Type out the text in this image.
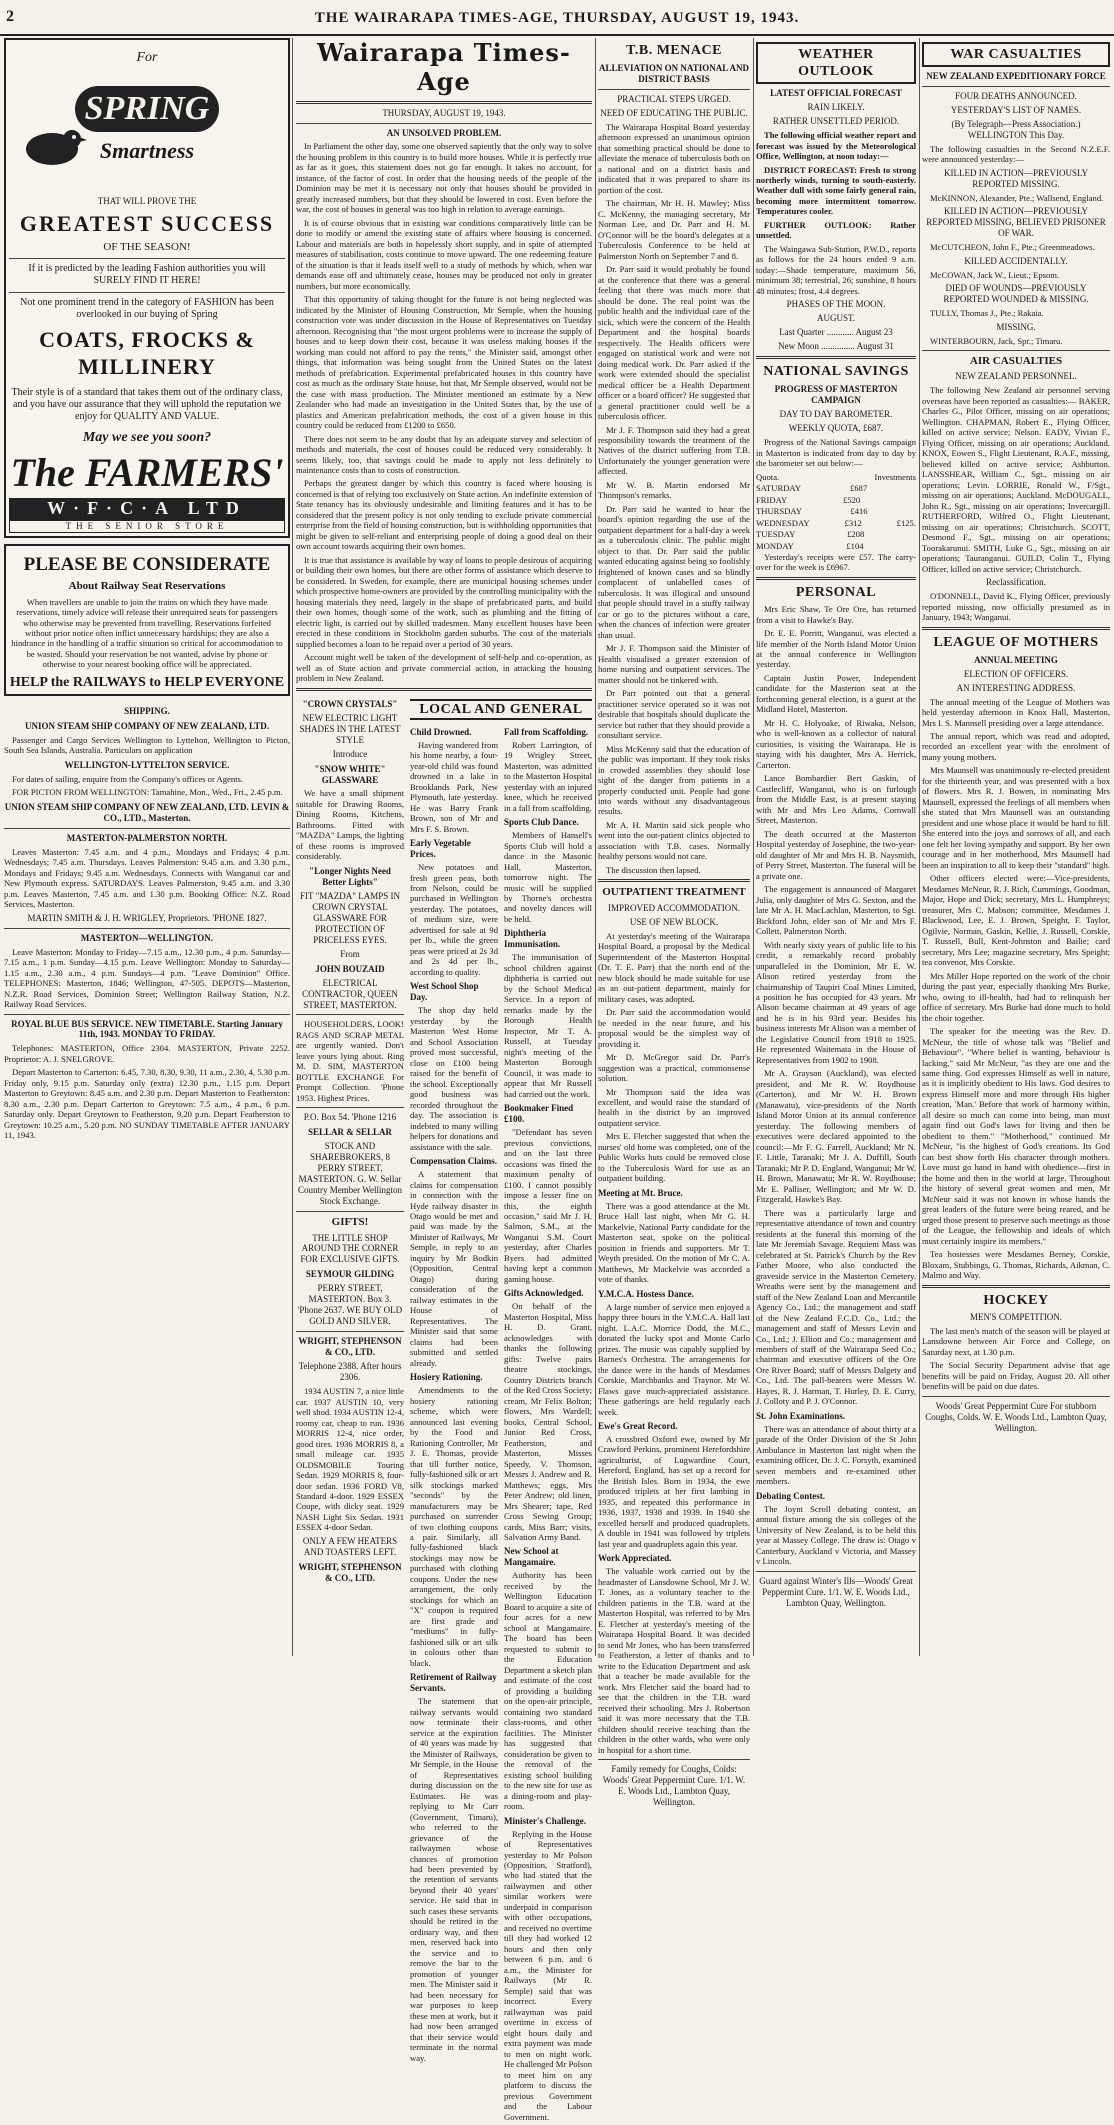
2	THE WAIRARAPA TIMES-AGE, THURSDAY, AUGUST 19, 1943.
For
SPRING
Smartness
THAT WILL PROVE THE
GREATEST SUCCESS
OF THE SEASON!
If it is predicted by the leading Fashion authorities you will SURELY FIND IT HERE!
Not one prominent trend in the category of FASHION has been overlooked in our buying of Spring
COATS, FROCKS & MILLINERY
Their style is of a standard that takes them out of the ordinary class, and you have our assurance that they will uphold the reputation we enjoy for QUALITY AND VALUE.
May we see you soon?
The FARMERS'
W·F·C·A LTD
THE SENIOR STORE
PLEASE BE CONSIDERATE
About Railway Seat Reservations

When travellers are unable to join the trains on which they have made reservations, timely advice will release their unrequired seats for passengers who otherwise may be prevented from travelling. Reservations forfeited without prior notice often inflict unnecessary hardships; they are also a hindrance in the handling of a traffic situation so critical for accommodation to be wasted. Should your reservation be not wanted, advise by phone or otherwise to your nearest booking office will be appreciated.

HELP the RAILWAYS to HELP EVERYONE
SHIPPING.
UNION STEAM SHIP COMPANY OF NEW ZEALAND, LTD.

Passenger and Cargo Services Wellington to Lyttelton, Wellington to Picton, South Sea Islands, Australia. Particulars on application

WELLINGTON-LYTTELTON SERVICE.

For dates of sailing, enquire from the Company's offices or Agents.

FOR PICTON FROM WELLINGTON: Tamahine, Mon., Wed., Fri., 2.45 p.m.

UNION STEAM SHIP COMPANY OF NEW ZEALAND, LTD. LEVIN & CO., LTD., Masterton.
MASTERTON-PALMERSTON NORTH.

Leaves Masterton: 7.45 a.m. and 4 p.m., Mondays and Fridays; 4 p.m. Wednesdays; 7.45 a.m. Thursdays. Leaves Palmerston: 9.45 a.m. and 3.30 p.m., Mondays and Fridays; 9.45 a.m. Wednesdays. Connects with Wanganui car and New Plymouth express. SATURDAYS. Leaves Palmerston, 9.45 a.m. and 3.30 p.m. Leaves Masterton, 7.45 a.m. and 1.30 p.m. Booking Office: N.Z. Road Services, Masterton.

MARTIN SMITH & J. H. WRIGLEY, Proprietors. 'PHONE 1827.
MASTERTON—WELLINGTON.

Leave Masterton: Monday to Friday—7.15 a.m., 12.30 p.m., 4 p.m. Saturday—7.15 a.m., 1 p.m. Sunday—4.15 p.m. Leave Wellington: Monday to Saturday—1.15 a.m., 2.30 a.m., 4 p.m. Sundays—4 p.m. "Leave Dominion" Office. TELEPHONES: Masterton, 1846; Wellington, 47-505. DEPOTS—Masterton, N.Z.R. Road Services, Dominion Street; Wellington Railway Station, N.Z. Railway Road Services.

ROYAL BLUE BUS SERVICE. NEW TIMETABLE. Starting January 11th, 1943. MONDAY TO FRIDAY.

Telephones: MASTERTON, Office 2304. MASTERTON, Private 2252. Proprietor: A. J. SNELGROVE.

Depart Masterton to Carterton: 6.45, 7.30, 8.30, 9.30, 11 a.m., 2.30, 4, 5.30 p.m. Friday only, 9.15 p.m. Saturday only (extra) 12.30 p.m., 1.15 p.m. Depart Masterton to Greytown: 8.45 a.m. and 2.30 p.m. Depart Masterton to Featherston: 8.30 a.m., 2.30 p.m. Depart Carterton to Greytown: 7.5 a.m., 4 p.m., 6 p.m. Saturday only. Depart Greytown to Featherston, 9.20 p.m. Depart Featherston to Greytown: 10.25 a.m., 5.20 p.m. NO SUNDAY TIMETABLE AFTER JANUARY 11, 1943.

Wairarapa Times-Age
THURSDAY, AUGUST 19, 1943.
AN UNSOLVED PROBLEM.

In Parliament the other day, some one observed sapiently that the only way to solve the housing problem in this country is to build more houses. While it is perfectly true as far as it goes, this statement does not go far enough. It takes no account, for instance, of the factor of cost. In order that the housing needs of the people of the Dominion may be met it is necessary not only that houses should be provided in greatly increased numbers, but that they should be lowered in cost. Even before the war, the cost of houses in general was too high in relation to average earnings.

It is of course obvious that in existing war conditions comparatively little can be done to modify or amend the existing state of affairs where housing is concerned. Labour and materials are both in hopelessly short supply, and in spite of attempted measures of stabilisation, costs continue to move upward. The one redeeming feature of the situation is that it leads itself well to a study of methods by which, when war demands ease off and ultimately cease, houses may be produced not only in greater numbers, but more economically.

That this opportunity of taking thought for the future is not being neglected was indicated by the Minister of Housing Construction, Mr Semple, when the housing construction vote was under discussion in the House of Representatives on Tuesday afternoon. Recognising that "the most urgent problems were to increase the supply of houses and to keep down their cost, because it was useless making houses if the working man could not afford to pay the rents," the Minister said, amongst other things, that information was being sought from the United States on the latest methods of prefabrication. Experimental prefabricated houses in this country have cost as much as the ordinary State house, but that, Mr Semple observed, would not be the case with mass production. The Minister mentioned an estimate by a New Zealander who had made an investigation in the United States that, by the use of plastics and American prefabrication methods, the cost of a given house in this country could be reduced from £1200 to £650.

There does not seem to be any doubt that by an adequate survey and selection of methods and materials, the cost of houses could be reduced very considerably. It seems likely, too, that savings could be made to apply not less definitely to maintenance costs than to costs of construction.

Perhaps the greatest danger by which this country is faced where housing is concerned is that of relying too exclusively on State action. An indefinite extension of State tenancy has its obviously undesirable and limiting features and it has to be considered that the present policy is not only tending to exclude private commercial enterprise from the field of housing construction, but is withholding opportunities that might be given to self-reliant and enterprising people of doing a good deal on their own account towards acquiring their own homes.

It is true that assistance is available by way of loans to people desirous of acquiring or building their own homes, but there are other forms of assistance which deserve to be considered. In Sweden, for example, there are municipal housing schemes under which prospective home-owners are provided by the controlling municipality with the housing materials they need, largely in the shape of prefabricated parts, and build their own homes, though some of the work, such as plumbing and the fitting of electric light, is carried out by skilled tradesmen. Many excellent houses have been erected in these conditions in Stockholm garden suburbs. The cost of the materials supplied becomes a loan to be repaid over a period of 30 years.

Account might well be taken of the development of self-help and co-operation, as well as of State action and private commercial action, in attacking the housing problem in New Zealand.

"CROWN CRYSTALS"
NEW ELECTRIC LIGHT SHADES IN THE LATEST STYLE
Introduce
"SNOW WHITE" GLASSWARE

We have a small shipment suitable for Drawing Rooms, Dining Rooms, Kitchens, Bathrooms. Fitted with "MAZDA" Lamps, the lighting of these rooms is improved considerably.

"Longer Nights Need Better Lights"
FIT "MAZDA" LAMPS IN CROWN CRYSTAL GLASSWARE FOR PROTECTION OF PRICELESS EYES.
From
JOHN BOUZAID
ELECTRICAL CONTRACTOR, QUEEN STREET, MASTERTON.

HOUSEHOLDERS, LOOK! RAGS AND SCRAP METAL are urgently wanted. Don't leave yours lying about. Ring M. D. SIM, MASTERTON BOTTLE EXCHANGE For Prompt Collection. 'Phone 1953. Highest Prices.

P.O. Box 54. 'Phone 1216
SELLAR & SELLAR
STOCK AND SHAREBROKERS, 8 PERRY STREET, MASTERTON. G. W. Sellar Country Member Wellington Stock Exchange.
GIFTS!
THE LITTLE SHOP AROUND THE CORNER FOR EXCLUSIVE GIFTS.
SEYMOUR GILDING
PERRY STREET, MASTERTON. Box 3. 'Phone 2637. WE BUY OLD GOLD AND SILVER.
WRIGHT, STEPHENSON & CO., LTD.
Telephone 2388. After hours 2306.

1934 AUSTIN 7, a nice little car. 1937 AUSTIN 10, very well shod. 1934 AUSTIN 12-4, roomy car, cheap to run. 1936 MORRIS 12-4, nice order, good tires. 1936 MORRIS 8, a small mileage car. 1935 OLDSMOBILE Touring Sedan. 1929 MORRIS 8, four-door sedan. 1936 FORD V8, Standard 4-door. 1929 ESSEX Coupe, with dicky seat. 1929 NASH Light Six Sedan. 1931 ESSEX 4-door Sedan.

ONLY A FEW HEATERS AND TOASTERS LEFT.
WRIGHT, STEPHENSON & CO., LTD.
LOCAL AND GENERAL
Child Drowned.

Having wandered from his home nearby, a four-year-old child was found drowned in a lake in Brooklands Park, New Plymouth, late yesterday. He was Barry Frank Brown, son of Mr and Mrs F. S. Brown.

Early Vegetable Prices.

New potatoes and fresh green peas, both from Nelson, could be purchased in Wellington yesterday. The potatoes, of medium size, were advertised for sale at 9d per lb., while the green peas were priced at 2s 3d and 2s 4d per lb., according to quality.

West School Shop Day.

The shop day held yesterday by the Masterton West Home and School Association proved most successful, close on £100 being raised for the benefit of the school. Exceptionally good business was recorded throughout the day. The association is indebted to many willing helpers for donations and assistance with the sale.

Compensation Claims.

A statement that claims for compensation in connection with the Hyde railway disaster in Otago would be met and paid was made by the Minister of Railways, Mr Semple, in reply to an inquiry by Mr Bodkin (Opposition, Central Otago) during consideration of the railway estimates in the House of Representatives. The Minister said that some claims had been submitted and settled already.

Hosiery Rationing.

Amendments to the hosiery rationing scheme, which were announced last evening by the Food and Rationing Controller, Mr J. E. Thomas, provide that till further notice, fully-fashioned silk or art silk stockings marked "seconds" by the manufacturers may be purchased on surrender of two clothing coupons a pair. Similarly, all fully-fashioned black stockings may now be purchased with clothing coupons. Under the new arrangement, the only stockings for which an "X" coupon is required are first grade and "mediums" in fully-fashioned silk or art silk in colours other than black.

Retirement of Railway Servants.

The statement that railway servants would now terminate their service at the expiration of 40 years was made by the Minister of Railways, Mr Semple, in the House of Representatives during discussion on the Estimates. He was replying to Mr Carr (Government, Timaru), who referred to the grievance of the railwaymen whose chances of promotion had been prevented by the retention of servants beyond their 40 years' service. He said that in such cases these servants should be retired in the ordinary way, and then men, reserved back into the service and to remove the bar to the promotion of younger men. The Minister said it had been necessary for war purposes to keep these men at work, but it had now been arranged that their service would terminate in the normal way.

Fall from Scaffolding.

Robert Larrington, of 19 Wrigley Street, Masterton, was admitted to the Masterton Hospital yesterday with an injured knee, which he received in a fall from scaffolding.

Sports Club Dance.

Members of Hansell's Sports Club will hold a dance in the Masonic Hall, Masterton, tomorrow night. The music will be supplied by Thorne's orchestra and novelty dances will be held.

Diphtheria Immunisation.

The immunisation of school children against diphtheria is carried out by the School Medical Service. In a report of remarks made by the Borough Health Inspector, Mr T. A. Russell, at Tuesday night's meeting of the Masterton Borough Council, it was made to appear that Mr Russell had carried out the work.

Bookmaker Fined £100.

"Defendant has seven previous convictions, and on the last three occasions was fined the maximum penalty of £100. I cannot possibly impose a lesser fine on this, the eighth occasion," said Mr J. H. Salmon, S.M., at the Wanganui S.M. Court yesterday, after Charles Byers had admitted having kept a common gaming house.

Gifts Acknowledged.

On behalf of the Masterton Hospital, Miss H. D. Grant, acknowledges with thanks the following gifts: Twelve pairs theatre stockings, Country Districts branch of the Red Cross Society; cream, Mr Felix Bolton; flowers, Mrs Wardell; books, Central School, Junior Red Cross, Featherston, and Masterton, Misses Speedy, V. Thomson, Messrs J. Andrew and R. Matthews; eggs, Mrs Peter Andrew; old linen, Mrs Shearer; tape, Red Cross Sewing Group; cards, Miss Barr; visits, Salvation Army Band.

New School at Mangamaire.

Authority has been received by the Wellington Education Board to acquire a site of four acres for a new school at Mangamaire. The board has been requested to submit to the Education Department a sketch plan and estimate of the cost of providing a building on the open-air principle, containing two standard class-rooms, and other facilities. The Minister has suggested that consideration be given to the removal of the existing school building to the new site for use as a dining-room and play-room.

Minister's Challenge.

Replying in the House of Representatives yesterday to Mr Polson (Opposition, Stratford), who had stated that the railwaymen and other similar workers were underpaid in comparison with other occupations, and received no overtime till they had worked 12 hours and then only between 6 p.m. and 6 a.m., the Minister for Railways (Mr R. Semple) said that was incorrect. Every railwayman was paid overtime in excess of eight hours daily and extra payment was made to men on night work. He challenged Mr Polson to meet him on any platform to discuss the previous Government and the Labour Government.

T.B. MENACE
ALLEVIATION ON NATIONAL AND DISTRICT BASIS
PRACTICAL STEPS URGED.
NEED OF EDUCATING THE PUBLIC.

The Wairarapa Hospital Board yesterday afternoon expressed an unanimous opinion that something practical should be done to alleviate the menace of tuberculosis both on a national and on a district basis and indicated that it was prepared to share its portion of the cost.

The chairman, Mr H. H. Mawley; Miss C. McKenny, the managing secretary, Mr Norman Lee, and Dr. Parr and H. M. O'Connor will be the board's delegates at a Tuberculosis Conference to be held at Palmerston North on September 7 and 8.

Dr. Parr said it would probably be found at the conference that there was a general feeling that there was much more that should be done. The real point was the public health and the individual care of the sick, which were the concern of the Health Department and the hospital boards respectively. The Health officers were engaged on statistical work and were not doing medical work. Dr. Parr asked if the work were extended should the specialist medical officer be a Health Department officer or a board officer? He suggested that a general practitioner could well be a tuberculosis officer.

Mr J. F. Thompson said they had a great responsibility towards the treatment of the Natives of the district suffering from T.B. Unfortunately the younger generation were affected.

Mr W. B. Martin endorsed Mr Thompson's remarks.

Dr. Parr said he wanted to hear the board's opinion regarding the use of the outpatient department for a half-day a week as a tuberculosis clinic. The public might object to that. Dr. Parr said the public wanted educating against being so foolishly frightened of known cases and so blindly complacent of unlabelled cases of tuberculosis. It was illogical and unsound that people should travel in a stuffy railway car or go to the pictures without a care, when the chances of infection were greater than usual.

Mr J. F. Thompson said the Minister of Health visualised a greater extension of home nursing and outpatient services. The matter should not be tinkered with.

Dr Parr pointed out that a general practitioner service operated so it was not desirable that hospitals should duplicate the service but rather that they should provide a consultant service.

Miss McKenny said that the education of the public was important. If they took risks in crowded assemblies they should lose sight of the danger from patients in a properly conducted unit. People had gone into wards without any disadvantageous results.

Mr A. H. Martin said sick people who went into the out-patient clinics objected to association with T.B. cases. Normally healthy persons would not care.

The discussion then lapsed.

OUTPATIENT TREATMENT
IMPROVED ACCOMMODATION.
USE OF NEW BLOCK.

At yesterday's meeting of the Wairarapa Hospital Board, a proposal by the Medical Superintendent of the Masterton Hospital (Dr. T. E. Parr) that the north end of the new block should be made suitable for use as an out-patient department, mainly for military cases, was adopted.

Dr. Parr said the accommodation would be needed in the near future, and his proposal would be the simplest way of providing it.

Mr D. McGregor said Dr. Parr's suggestion was a practical, commonsense solution.

Mr Thompson said the idea was excellent, and would raise the standard of health in the district by an improved outpatient service.

Mrs E. Fletcher suggested that when the nurses' old home was completed, one of the Public Works huts could be removed close to the Tuberculosis Ward for use as an outpatient building.

Meeting at Mt. Bruce.

There was a good attendance at the Mt. Bruce Hall last night, when Mr G. H. Mackelvie, National Party candidate for the Masterton seat, spoke on the political position in friends and supporters. Mr T. Weyth presided. On the motion of Mr C. A. Matthews, Mr Mackelvie was accorded a vote of thanks.

Y.M.C.A. Hostess Dance.

A large number of service men enjoyed a happy three hours in the Y.M.C.A. Hall last night. L.A.C. Morrice Dodd, the M.C., donated the lucky spot and Monte Carlo prizes. The music was capably supplied by Barnes's Orchestra. The arrangements for the dance were in the hands of Mesdames Corskie, Marchbanks and Traynor. Mr W. Flaws gave much-appreciated assistance. These gatherings are held regularly each week.

Ewe's Great Record.

A crossbred Oxford ewe, owned by Mr Crawford Perkins, prominent Herefordshire agriculturist, of Lugwardine Court, Hereford, England, has set up a record for the British Isles. Born in 1934, the ewe produced triplets at her first lambing in 1935, and repeated this performance in 1936, 1937, 1938 and 1939. In 1940 she excelled herself and produced quadruplets. A double in 1941 was followed by triplets last year and quadruplets again this year.

Work Appreciated.

The valuable work carried out by the headmaster of Lansdowne School, Mr J. W. T. Jones, as a voluntary teacher to the children patients in the T.B. ward at the Masterton Hospital, was referred to by Mrs E. Fletcher at yesterday's meeting of the Wairarapa Hospital Board. It was decided to send Mr Jones, who has been transferred to Featherston, a letter of thanks and to write to the Education Department and ask that a teacher be made available for the work. Mrs Fletcher said the board had to see that the children in the T.B. ward received their schooling. Mrs J. Robertson said it was more necessary that the T.B. children should receive teaching than the children in the other wards, who were only in hospital for a short time.

Family remedy for Coughs, Colds: Woods' Great Peppermint Cure. 1/1. W. E. Woods Ltd., Lambton Quay, Wellington.
WEATHER OUTLOOK
LATEST OFFICIAL FORECAST
RAIN LIKELY.
RATHER UNSETTLED PERIOD.

The following official weather report and forecast was issued by the Meteorological Office, Wellington, at noon today:—

DISTRICT FORECAST: Fresh to strong northerly winds, turning to south-easterly. Weather dull with some fairly general rain, becoming more intermittent tomorrow. Temperatures cooler.

FURTHER OUTLOOK: Rather unsettled.

The Waingawa Sub-Station, P.W.D., reports as follows for the 24 hours ended 9 a.m. today:—Shade temperature, maximum 56, minimum 38; terrestrial, 26; sunshine, 8 hours 48 minutes; frost, 4.4 degrees.

PHASES OF THE MOON.
AUGUST.
Last Quarter ............ August 23
New Moon ............... August 31
NATIONAL SAVINGS
PROGRESS OF MASTERTON CAMPAIGN
DAY TO DAY BAROMETER.
WEEKLY QUOTA, £687.

Progress of the National Savings campaign in Masterton is indicated from day to day by the barometer set out below:—

Quota.	Investments
SATURDAY	£687
FRIDAY	£520
THURSDAY	£416
WEDNESDAY	£312	£125.
TUESDAY	£208
MONDAY	£104

Yesterday's receipts were £57. The carry-over for the week is £6967.

PERSONAL

Mrs Eric Shaw, Te Ore Ore, has returned from a visit to Hawke's Bay.

Dr. E. E. Porritt, Wanganui, was elected a life member of the North Island Motor Union at the annual conference in Wellington yesterday.

Captain Justin Power, Independent candidate for the Masterton seat at the forthcoming general election, is a guest at the Midland Hotel, Masterton.

Mr H. C. Holyoake, of Riwaka, Nelson, who is well-known as a collector of natural curiosities, is visiting the Wairarapa. He is staying with his daughter, Mrs A. Herrick, Carterton.

Lance Bombardier Bert Gaskin, of Castlecliff, Wanganui, who is on furlough from the Middle East, is at present staying with Mr and Mrs Leo Adams, Cornwall Street, Masterton.

The death occurred at the Masterton Hospital yesterday of Josephine, the two-year-old daughter of Mr and Mrs H. B. Naysmith, of Perry Street, Masterton. The funeral will be a private one.

The engagement is announced of Margaret Julia, only daughter of Mrs G. Sexton, and the late Mr A. H. MacLachlan, Masterton, to Sgt. Bickford John, elder son of Mr and Mrs F. Collett, Palmerston North.

With nearly sixty years of public life to his credit, a remarkably record probably unparalleled in the Dominion, Mr E. W. Alison retired yesterday from the chairmanship of Taupiri Coal Mines Limited, a position he has occupied for 43 years. Mr Alison became chairman at 49 years of age and he is in his 93rd year. Besides his business interests Mr Alison was a member of the Legislative Council from 1918 to 1925. He represented Waitemata in the House of Representatives from 1902 to 1908.

Mr A. Grayson (Auckland), was elected president, and Mr R. W. Roydhouse (Carterton), and Mr W. H. Brown (Manawatu), vice-presidents of the North Island Motor Union at its annual conference yesterday. The following members of executives were declared appointed to the council:—Mr F. G. Farrell, Auckland; Mr N. F. Little, Taranaki; Mr J. A. Duffill, South Taranaki; Mr P. D. England, Wanganui; Mr W. H. Brown, Manawatu; Mr R. W. Roydhouse; Mr E. Palliser, Wellington; and Mr W. D. Fitzgerald, Hawke's Bay.

There was a particularly large and representative attendance of town and country residents at the funeral this morning of the late Mr Jeremiah Savage. Requiem Mass was celebrated at St. Patrick's Church by the Rev Father Moore, who also conducted the graveside service in the Masterton Cemetery. Wreaths were sent by the management and staff of the New Zealand Loan and Mercantile Agency Co., Ltd.; the management and staff of the New Zealand F.C.D. Co., Ltd.; the management and staff of Messrs Levin and Co., Ltd.; J. Elliott and Co.; management and members of staff of the Wairarapa Seed Co.; chairman and executive officers of the Ore Ore River Board; staff of Messrs Dalgety and Co., Ltd. The pall-bearers were Messrs W. Hayes, R. J. Harman, T. Hurley, D. E. Curry, J. Colloty and P. J. O'Connor.

St. John Examinations.

There was an attendance of about thirty at a parade of the Order Division of the St John Ambulance in Masterton last night when the examining officer, Dr. J. C. Forsyth, examined seven members and re-examined other members.

Debating Contest.

The Joynt Scroll debating contest, an annual fixture among the six colleges of the University of New Zealand, is to be held this year at Massey College. The draw is: Otago v Canterbury, Auckland v Victoria, and Massey v Lincoln.

Guard against Winter's Ills—Woods' Great Peppermint Cure. 1/1. W. E. Woods Ltd., Lambton Quay, Wellington.
WAR CASUALTIES
NEW ZEALAND EXPEDITIONARY FORCE
FOUR DEATHS ANNOUNCED.
YESTERDAY'S LIST OF NAMES.
(By Telegraph—Press Association.) WELLINGTON This Day.

The following casualties in the Second N.Z.E.F. were announced yesterday:—

KILLED IN ACTION—PREVIOUSLY REPORTED MISSING.

McKINNON, Alexander, Pte.; Wallsend, England.

KILLED IN ACTION—PREVIOUSLY REPORTED MISSING, BELIEVED PRISONER OF WAR.

McCUTCHEON, John F., Pte.; Greenmeadows.

KILLED ACCIDENTALLY.

McCOWAN, Jack W., Lieut.; Epsom.

DIED OF WOUNDS—PREVIOUSLY REPORTED WOUNDED & MISSING.

TULLY, Thomas J., Pte.; Rakaia.

MISSING.

WINTERBOURN, Jack, Spr.; Timaru.

AIR CASUALTIES
NEW ZEALAND PERSONNEL.

The following New Zealand air personnel serving overseas have been reported as casualties:— BAKER, Charles G., Pilot Officer, missing on air operations; Wellington. CHAPMAN, Robert E., Flying Officer, killed on active service; Nelson. EADY, Vivian F., Flying Officer, missing on air operations; Auckland. KNOX, Eowen S., Flight Lieutenant, R.A.F., missing, believed killed on active service; Ashburton. LANSSHEAR, William C., Sgt., missing on air operations; Levin. LORRIE, Ronald W., F/Sgt., missing on air operations; Auckland. McDOUGALL, John R., Sgt., missing on air operations; Invercargill. RUTHERFORD, Wilfred O., Flight Lieutenant, missing on air operations; Christchurch. SCOTT, Desmond F., Sgt., missing on air operations; Toorakarunui. SMITH, Luke G., Sgt., missing on air operations; Tauranganui. GUILD, Colin T., Flying Officer, killed on active service; Christchurch.

Reclassification.

O'DONNELL, David K., Flying Officer, previously reported missing, now officially presumed as in January, 1943; Wanganui.

LEAGUE OF MOTHERS
ANNUAL MEETING
ELECTION OF OFFICERS.
AN INTERESTING ADDRESS.

The annual meeting of the League of Mothers was held yesterday afternoon in Knox Hall, Masterton, Mrs I. S. Mannsell presiding over a large attendance.

The annual report, which was read and adopted, recorded an excellent year with the enrolment of many young mothers.

Mrs Maunsell was unanimously re-elected president for the thirteenth year, and was presented with a box of flowers. Mrs R. J. Bowen, in nominating Mrs Maunsell, expressed the feelings of all members when she stated that Mrs Maunsell was an outstanding president and one whose place it would be hard to fill. She entered into the joys and sorrows of all, and each one felt her loving sympathy and support. By her own courage and in her motherhood, Mrs Maunsell had been an inspiration to all to keep their "standard" high.

Other officers elected were:—Vice-presidents, Mesdames McNeur, R. J. Rich, Cummings, Goodman, Major, Hope and Dick; secretary, Mrs L. Humphreys; treasurer, Mrs C. Mabson; committee, Mesdames J. Blackwood, Lee, E. J. Brown, Speight, F. Taylor, Ogilvie, Norman, Gaskin, Kellie, J. Russell, Corskie, T. Russell, Bull, Kent-Johnston and Bailie; card secretary, Mrs Lee; magazine secretary, Mrs Speight; tea convenor, Mrs Corskie.

Mrs Miller Hope reported on the work of the choir during the past year, especially thanking Mrs Burke, who, owing to ill-health, had had to relinquish her office of secretary. Mrs Burke had done much to hold the choir together.

The speaker for the meeting was the Rev. D. McNeur, the title of whose talk was "Belief and Behaviour". "Where belief is wanting, behaviour is lacking," said Mr McNeur, "as they are one and the same thing. God expresses Himself as well in nature, as it is implicitly obedient to His laws. God desires to express Himself more and more through His higher creation, 'Man.' Before that work of harmony within, all desire so much can come into being, man must again find out God's laws for living and then be obedient to them." "Motherhood," continued Mr McNeur, "is the highest of God's creations. Its God can best show forth His character through mothers. Love must go hand in hand with obedience—first in the home and then in the world at large. Throughout the history of several great women and men, Mr McNeur said it was not known in whose hands the great leaders of the future were being reared, and he urged those present to preserve such meetings as those of the League, the fellowship and ideals of which must certainly inspire its members."

Tea hostesses were Mesdames Berney, Corskie, Bloxam, Stubbings, G. Thomas, Richards, Aikman, C. Malmo and Way.

HOCKEY
MEN'S COMPETITION.

The last men's match of the season will be played at Lansdowne between Air Force and College, on Saturday next, at 1.30 p.m.

The Social Security Department advise that age benefits will be paid on Friday, August 20. All other benefits will be paid on due dates.

Woods' Great Peppermint Cure For stubborn Coughs, Colds. W. E. Woods Ltd., Lambton Quay, Wellington.
